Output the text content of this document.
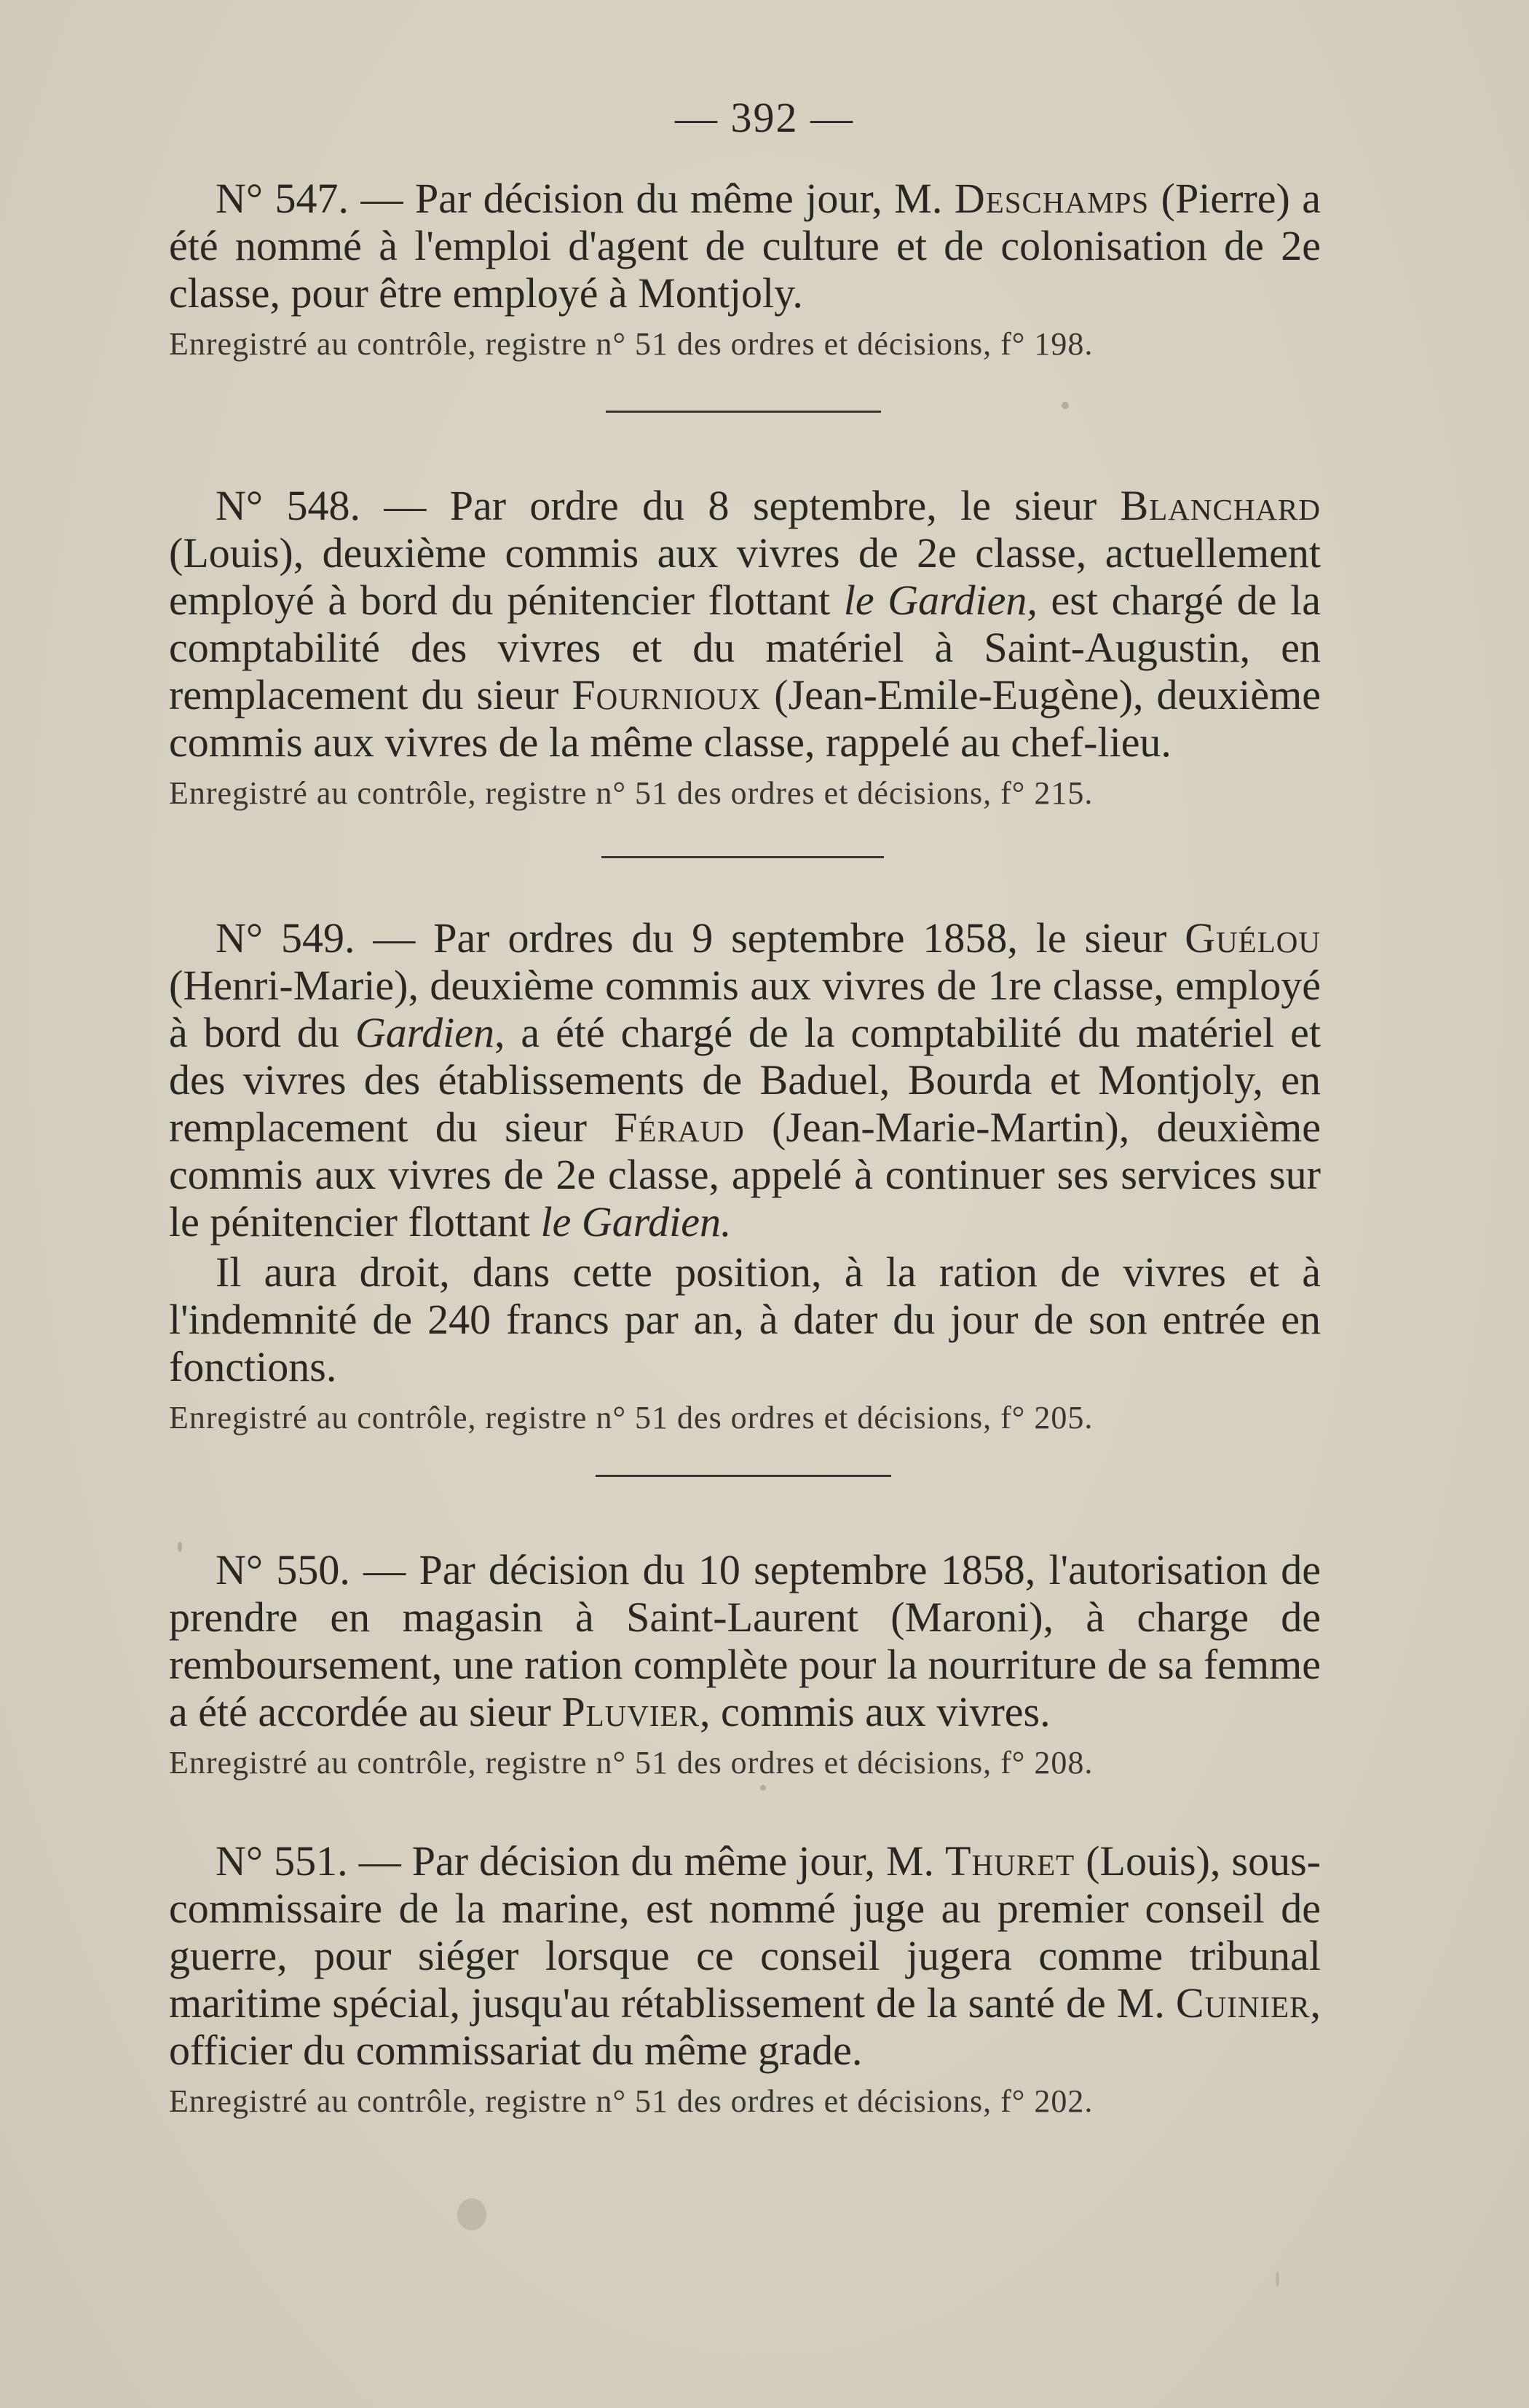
— 392 —

N° 547. — Par décision du même jour, M. Deschamps (Pierre) a été nommé à l'emploi d'agent de culture et de colonisation de 2e classe, pour être employé à Montjoly.

Enregistré au contrôle, registre n° 51 des ordres et décisions, f° 198.

N° 548. — Par ordre du 8 septembre, le sieur Blanchard (Louis), deuxième commis aux vivres de 2e classe, actuellement employé à bord du pénitencier flottant le Gardien, est chargé de la comptabilité des vivres et du matériel à Saint-Augustin, en remplacement du sieur Fournioux (Jean-Emile-Eugène), deuxième commis aux vivres de la même classe, rappelé au chef-lieu.

Enregistré au contrôle, registre n° 51 des ordres et décisions, f° 215.

N° 549. — Par ordres du 9 septembre 1858, le sieur Guélou (Henri-Marie), deuxième commis aux vivres de 1re classe, employé à bord du Gardien, a été chargé de la comptabilité du matériel et des vivres des établissements de Baduel, Bourda et Montjoly, en remplacement du sieur Féraud (Jean-Marie-Martin), deuxième commis aux vivres de 2e classe, appelé à continuer ses services sur le pénitencier flottant le Gardien.

Il aura droit, dans cette position, à la ration de vivres et à l'indemnité de 240 francs par an, à dater du jour de son entrée en fonctions.

Enregistré au contrôle, registre n° 51 des ordres et décisions, f° 205.

N° 550. — Par décision du 10 septembre 1858, l'autorisation de prendre en magasin à Saint-Laurent (Maroni), à charge de remboursement, une ration complète pour la nourriture de sa femme a été accordée au sieur Pluvier, commis aux vivres.

Enregistré au contrôle, registre n° 51 des ordres et décisions, f° 208.

N° 551. — Par décision du même jour, M. Thuret (Louis), sous-commissaire de la marine, est nommé juge au premier conseil de guerre, pour siéger lorsque ce conseil jugera comme tribunal maritime spécial, jusqu'au rétablissement de la santé de M. Cuinier, officier du commissariat du même grade.

Enregistré au contrôle, registre n° 51 des ordres et décisions, f° 202.
